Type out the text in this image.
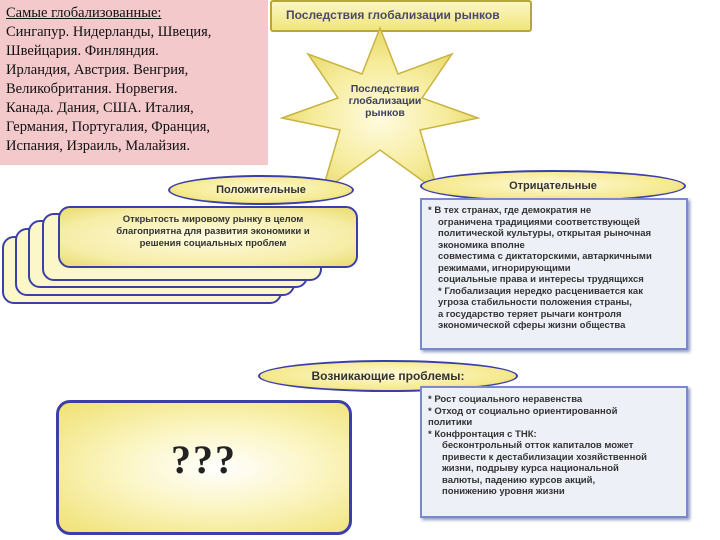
Самые глобализованные:
Сингапур. Нидерланды, Швеция,
Швейцария. Финляндия.
Ирландия, Австрия. Венгрия,
Великобритания. Норвегия.
Канада. Дания, США. Италия,
Германия, Португалия, Франция,
Испания, Израиль, Малайзия.
Последствия глобализации рынков
Последствия
глобализации
рынков
Положительные
Открытость мировому рынку в целом
благоприятна для развития экономики и
решения социальных проблем
Отрицательные
* В тех странах, где демократия не
ограничена традициями соответствующей
политической культуры, открытая рыночная
экономика вполне
совместима с диктаторскими, автаркичными
режимами, игнорирующими
социальные права и интересы трудящихся
* Глобализация нередко расценивается как
угроза стабильности положения страны,
а государство теряет рычаги контроля
экономической сферы жизни общества
Возникающие проблемы:
???
* Рост социального неравенства
* Отход от социально ориентированной
политики
* Конфронтация с ТНК:
бесконтрольный отток капиталов может
привести к дестабилизации хозяйственной
жизни, подрыву курса национальной
валюты, падению курсов акций,
понижению уровня жизни
